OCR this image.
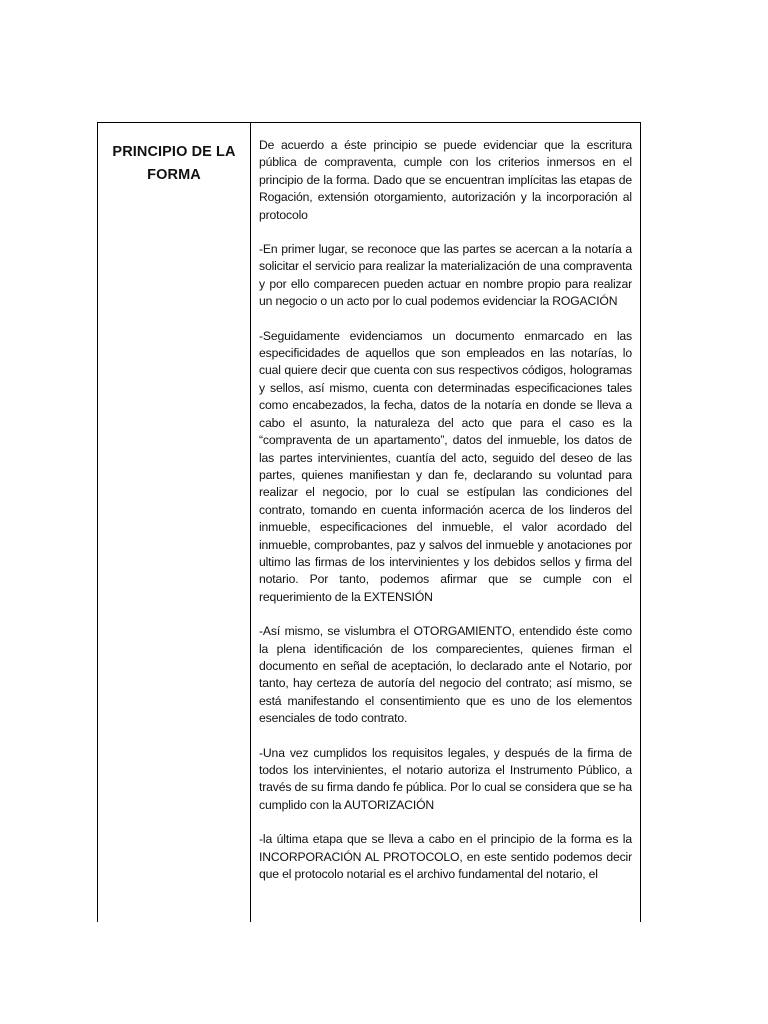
PRINCIPIO DE LA FORMA

De acuerdo a éste principio se puede evidenciar que la escritura pública de compraventa, cumple con los criterios inmersos en el principio de la forma. Dado que se encuentran implícitas las etapas de Rogación, extensión otorgamiento, autorización y la incorporación al protocolo

-En primer lugar, se reconoce que las partes se acercan a la notaría a solicitar el servicio para realizar la materialización de una compraventa y por ello comparecen pueden actuar en nombre propio para realizar un negocio o un acto por lo cual podemos evidenciar la ROGACIÓN

-Seguidamente evidenciamos un documento enmarcado en las especificidades de aquellos que son empleados en las notarías, lo cual quiere decir que cuenta con sus respectivos códigos, hologramas y sellos, así mismo, cuenta con determinadas especificaciones tales como encabezados, la fecha, datos de la notaría en donde se lleva a cabo el asunto, la naturaleza del acto que para el caso es la “compraventa de un apartamento”, datos del inmueble, los datos de las partes intervinientes, cuantía del acto, seguido del deseo de las partes, quienes manifiestan y dan fe, declarando su voluntad para realizar el negocio, por lo cual se estípulan las condiciones del contrato, tomando en cuenta información acerca de los linderos del inmueble, especificaciones del inmueble, el valor acordado del inmueble, comprobantes, paz y salvos del inmueble y anotaciones por ultimo las firmas de los intervinientes y los debidos sellos y firma del notario. Por tanto, podemos afirmar que se cumple con el requerimiento de la EXTENSIÓN

-Así mismo, se vislumbra el OTORGAMIENTO, entendido éste como la plena identificación de los comparecientes, quienes firman el documento en señal de aceptación, lo declarado ante el Notario, por tanto, hay certeza de autoría del negocio del contrato; así mismo, se está manifestando el consentimiento que es uno de los elementos esenciales de todo contrato.

-Una vez cumplidos los requisitos legales, y después de la firma de todos los intervinientes, el notario autoriza el Instrumento Público, a través de su firma dando fe pública. Por lo cual se considera que se ha cumplido con la AUTORIZACIÓN

-la última etapa que se lleva a cabo en el principio de la forma es la INCORPORACIÓN AL PROTOCOLO, en este sentido podemos decir que el protocolo notarial es el archivo fundamental del notario, el
